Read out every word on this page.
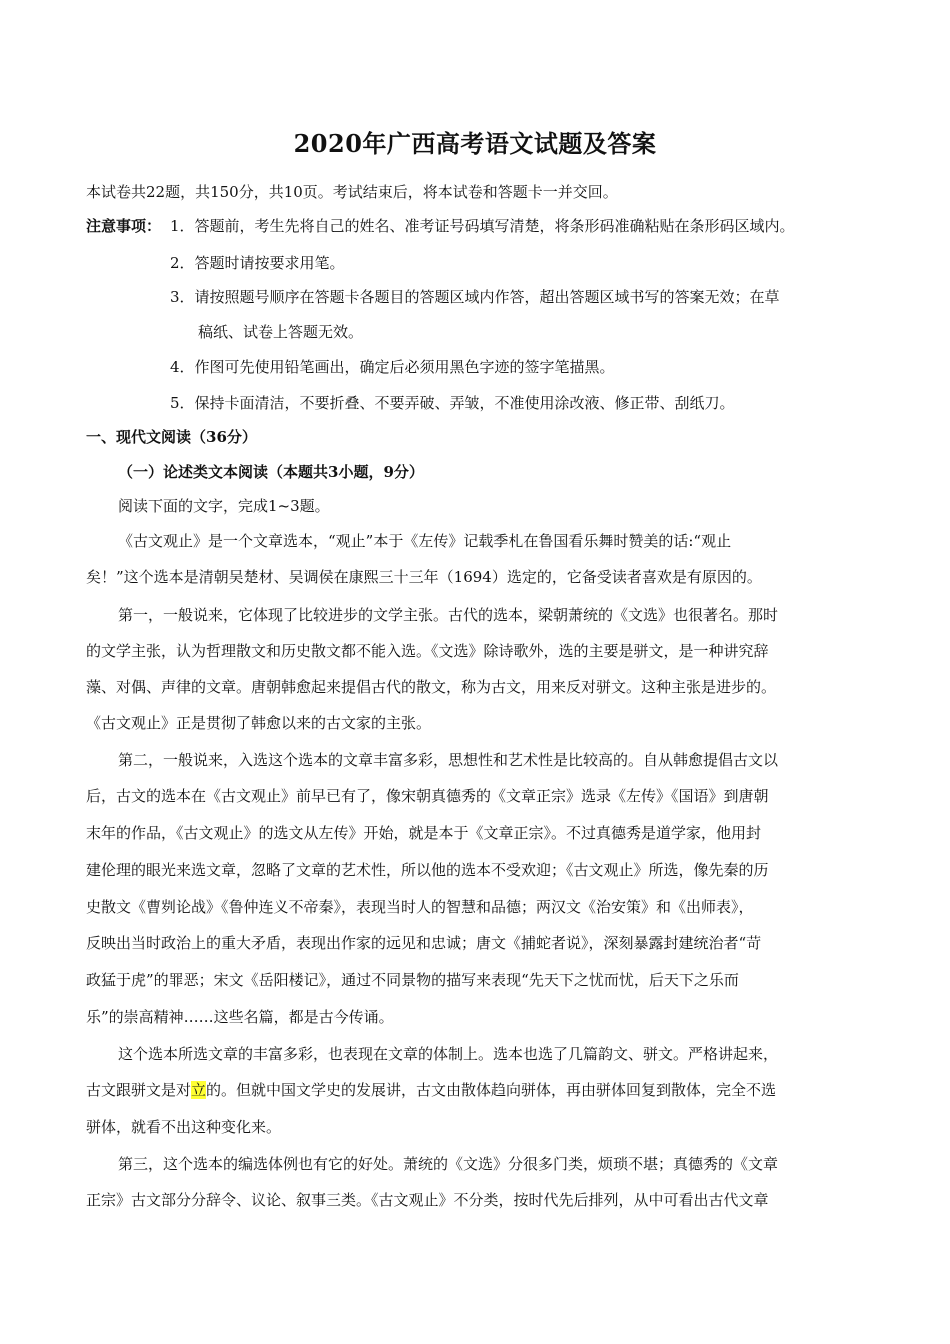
2020年广西高考语文试题及答案
本试卷共22题，共150分，共10页。考试结束后，将本试卷和答题卡一并交回。
注意事项： 1．答题前，考生先将自己的姓名、准考证号码填写清楚，将条形码准确粘贴在条形码区域内。
2．答题时请按要求用笔。
3．请按照题号顺序在答题卡各题目的答题区域内作答，超出答题区域书写的答案无效；在草
稿纸、试卷上答题无效。
4．作图可先使用铅笔画出，确定后必须用黑色字迹的签字笔描黑。
5．保持卡面清洁，不要折叠、不要弄破、弄皱，不准使用涂改液、修正带、刮纸刀。
一、现代文阅读（36分）
（一）论述类文本阅读（本题共3小题，9分）
阅读下面的文字，完成1~3题。
《古文观止》是一个文章选本，“观止”本于《左传》记载季札在鲁国看乐舞时赞美的话:“观止
矣！”这个选本是清朝吴楚材、吴调侯在康熙三十三年（1694）选定的，它备受读者喜欢是有原因的。
第一，一般说来，它体现了比较进步的文学主张。古代的选本，梁朝萧统的《文选》也很著名。那时
的文学主张，认为哲理散文和历史散文都不能入选。《文选》除诗歌外，选的主要是骈文，是一种讲究辞
藻、对偶、声律的文章。唐朝韩愈起来提倡古代的散文，称为古文，用来反对骈文。这种主张是进步的。
《古文观止》正是贯彻了韩愈以来的古文家的主张。
第二，一般说来，入选这个选本的文章丰富多彩，思想性和艺术性是比较高的。自从韩愈提倡古文以
后，古文的选本在《古文观止》前早已有了，像宋朝真德秀的《文章正宗》选录《左传》《国语》到唐朝
末年的作品，《古文观止》的选文从左传》开始，就是本于《文章正宗》。不过真德秀是道学家，他用封
建伦理的眼光来选文章，忽略了文章的艺术性，所以他的选本不受欢迎；《古文观止》所选，像先秦的历
史散文《曹刿论战》《鲁仲连义不帝秦》，表现当时人的智慧和品德；两汉文《治安策》和《出师表》，
反映出当时政治上的重大矛盾，表现出作家的远见和忠诚；唐文《捕蛇者说》，深刻暴露封建统治者“苛
政猛于虎”的罪恶；宋文《岳阳楼记》，通过不同景物的描写来表现“先天下之忧而忧，后天下之乐而
乐”的崇高精神……这些名篇，都是古今传诵。
这个选本所选文章的丰富多彩，也表现在文章的体制上。选本也选了几篇韵文、骈文。严格讲起来，
古文跟骈文是对立的。但就中国文学史的发展讲，古文由散体趋向骈体，再由骈体回复到散体，完全不选
骈体，就看不出这种变化来。
第三，这个选本的编选体例也有它的好处。萧统的《文选》分很多门类，烦琐不堪；真德秀的《文章
正宗》古文部分分辞令、议论、叙事三类。《古文观止》不分类，按时代先后排列，从中可看出古代文章
